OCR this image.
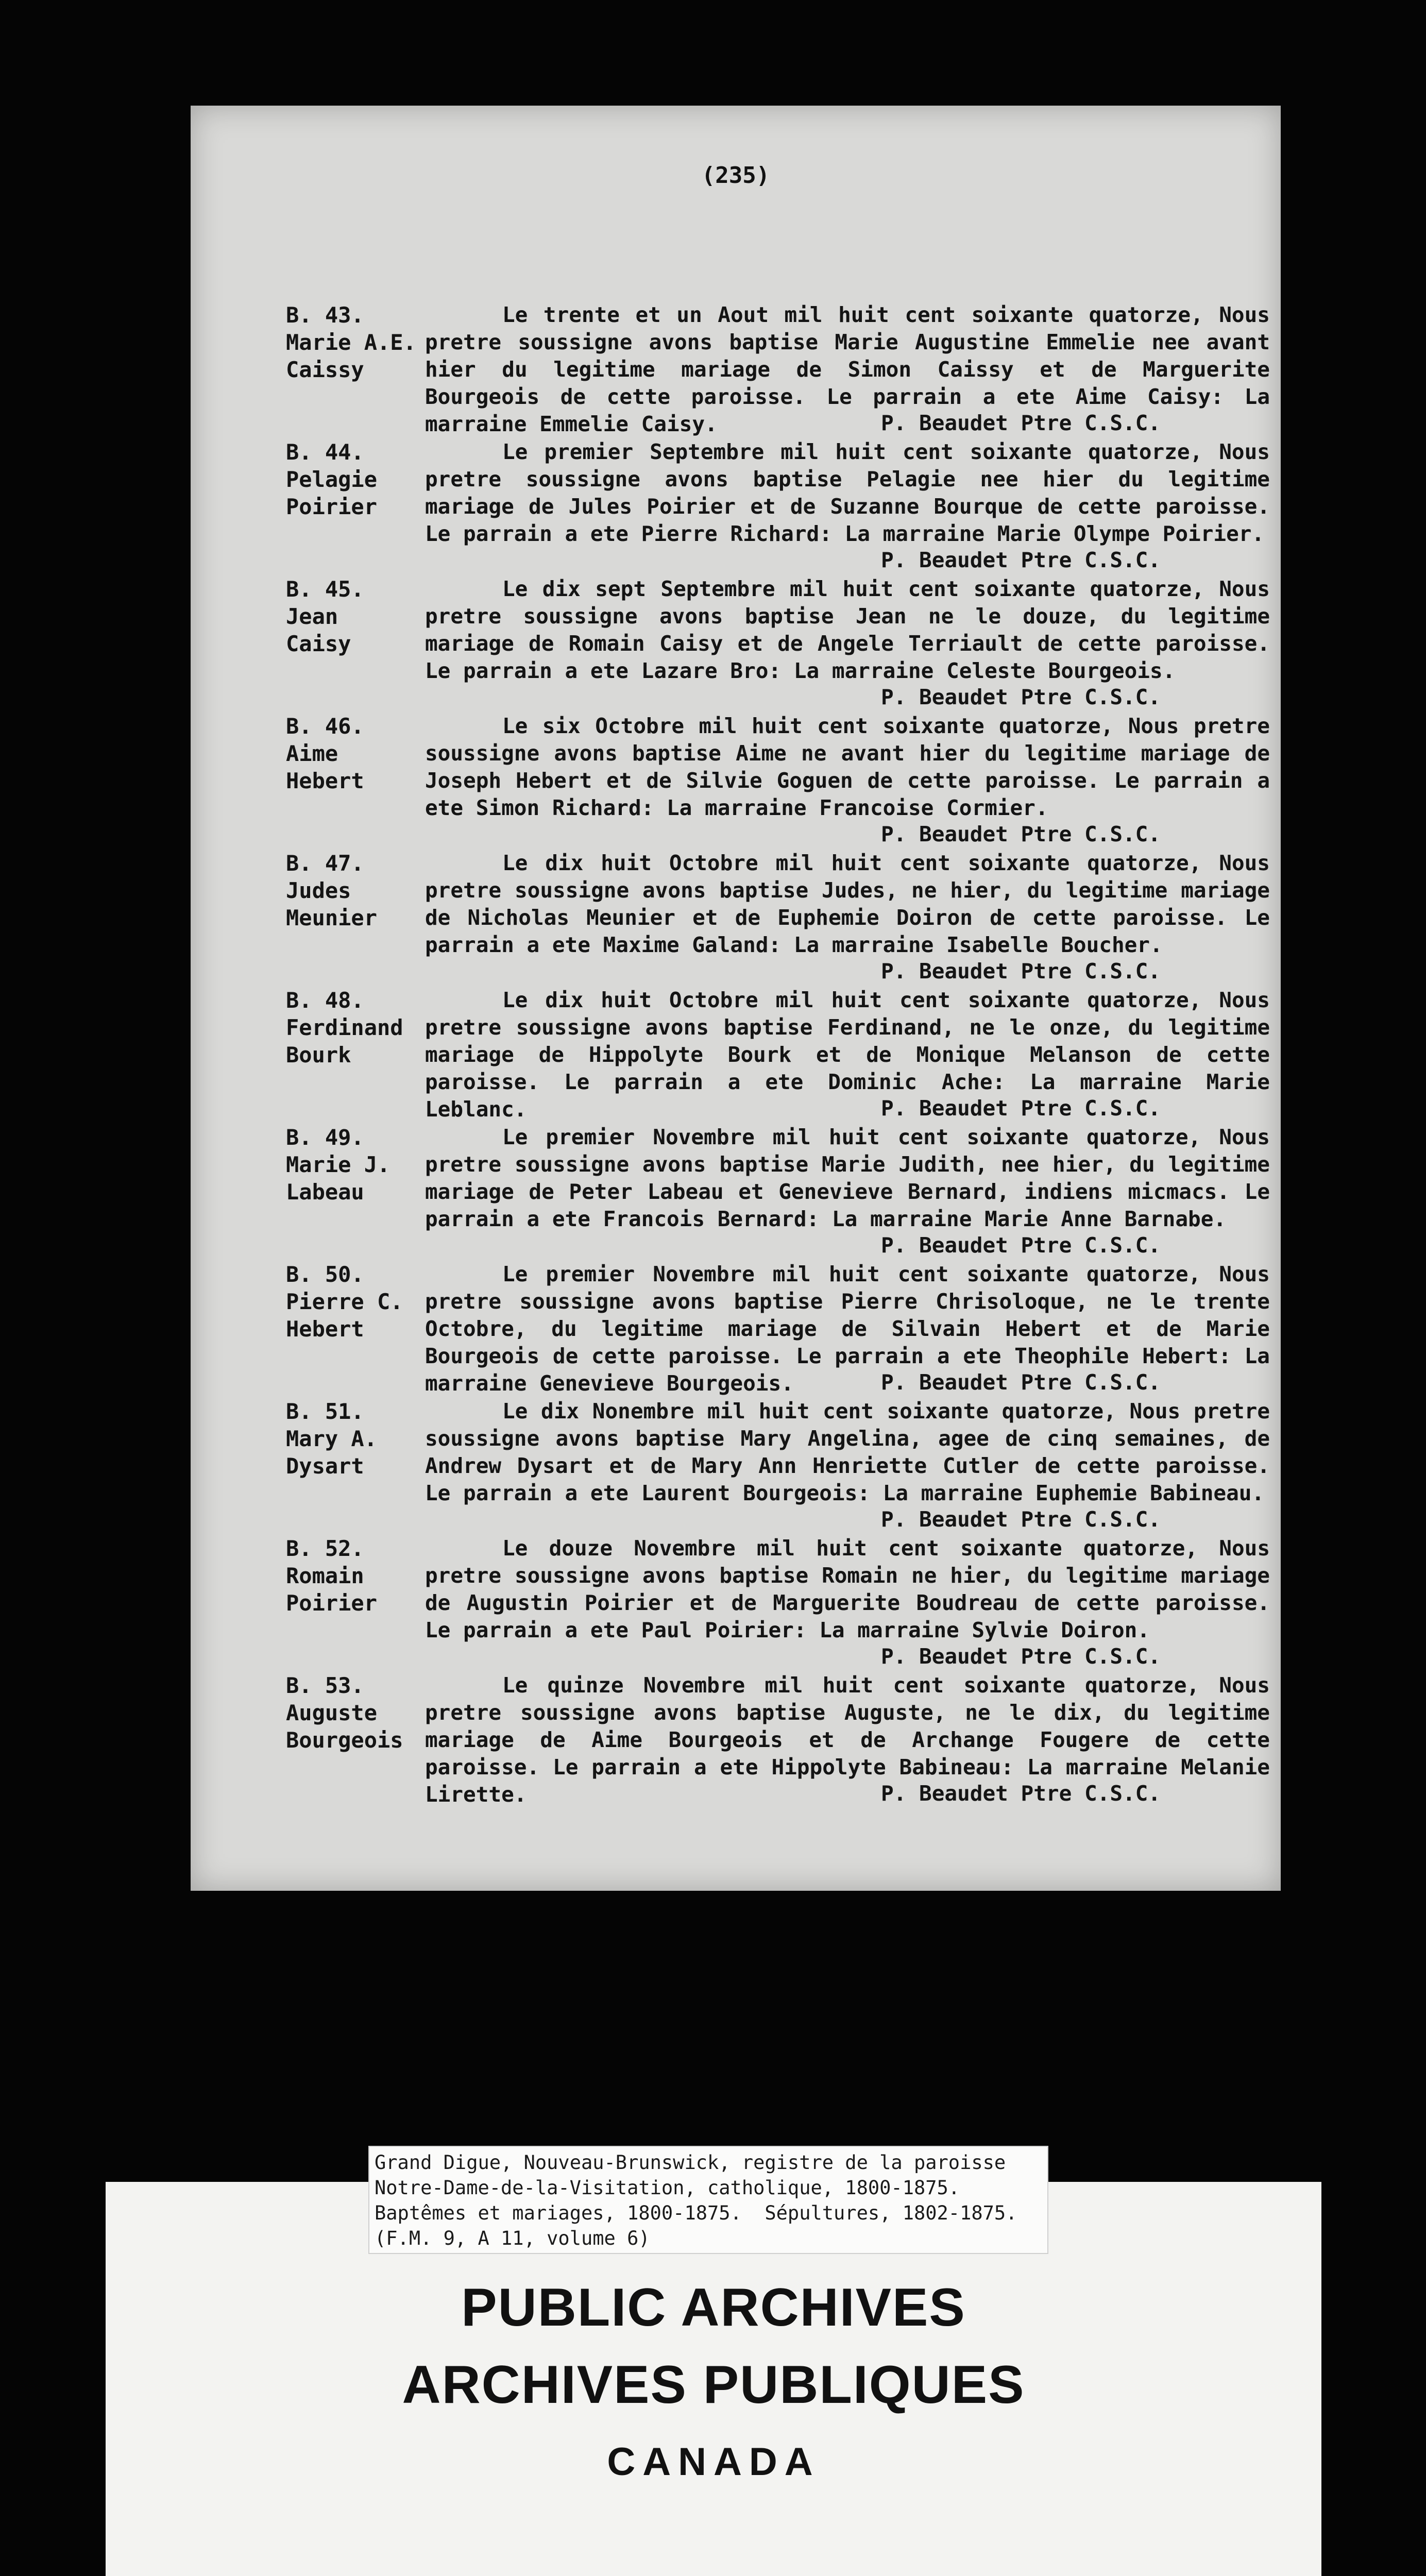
(235)
B. 43.
Marie A.E.
Caissy
Le trente et un Aout mil huit cent soixante quatorze, Nous pretre soussigne avons baptise Marie Augustine Emmelie nee avant hier du legitime mariage de Simon Caissy et de Marguerite Bourgeois de cette paroisse. Le parrain a ete Aime Caisy: La marraine Emmelie Caisy.	P. Beaudet Ptre C.S.C.
B. 44.
Pelagie
Poirier
Le premier Septembre mil huit cent soixante quatorze, Nous pretre soussigne avons baptise Pelagie nee hier du legitime mariage de Jules Poirier et de Suzanne Bourque de cette paroisse. Le parrain a ete Pierre Richard: La marraine Marie Olympe Poirier.
P. Beaudet Ptre C.S.C.
B. 45.
Jean
Caisy
Le dix sept Septembre mil huit cent soixante quatorze, Nous pretre soussigne avons baptise Jean ne le douze, du legitime mariage de Romain Caisy et de Angele Terriault de cette paroisse. Le parrain a ete Lazare Bro: La marraine Celeste Bourgeois.
P. Beaudet Ptre C.S.C.
B. 46.
Aime
Hebert
Le six Octobre mil huit cent soixante quatorze, Nous pretre soussigne avons baptise Aime ne avant hier du legitime mariage de Joseph Hebert et de Silvie Goguen de cette paroisse. Le parrain a ete Simon Richard: La marraine Francoise Cormier.
P. Beaudet Ptre C.S.C.
B. 47.
Judes
Meunier
Le dix huit Octobre mil huit cent soixante quatorze, Nous pretre soussigne avons baptise Judes, ne hier, du legitime mariage de Nicholas Meunier et de Euphemie Doiron de cette paroisse. Le parrain a ete Maxime Galand: La marraine Isabelle Boucher.
P. Beaudet Ptre C.S.C.
B. 48.
Ferdinand
Bourk
Le dix huit Octobre mil huit cent soixante quatorze, Nous pretre soussigne avons baptise Ferdinand, ne le onze, du legitime mariage de Hippolyte Bourk et de Monique Melanson de cette paroisse. Le parrain a ete Dominic Ache: La marraine Marie Leblanc.	P. Beaudet Ptre C.S.C.
B. 49.
Marie J.
Labeau
Le premier Novembre mil huit cent soixante quatorze, Nous pretre soussigne avons baptise Marie Judith, nee hier, du legitime mariage de Peter Labeau et Genevieve Bernard, indiens micmacs. Le parrain a ete Francois Bernard: La marraine Marie Anne Barnabe.
P. Beaudet Ptre C.S.C.
B. 50.
Pierre C.
Hebert
Le premier Novembre mil huit cent soixante quatorze, Nous pretre soussigne avons baptise Pierre Chrisoloque, ne le trente Octobre, du legitime mariage de Silvain Hebert et de Marie Bourgeois de cette paroisse. Le parrain a ete Theophile Hebert: La marraine Genevieve Bourgeois.	P. Beaudet Ptre C.S.C.
B. 51.
Mary A.
Dysart
Le dix Nonembre mil huit cent soixante quatorze, Nous pretre soussigne avons baptise Mary Angelina, agee de cinq semaines, de Andrew Dysart et de Mary Ann Henriette Cutler de cette paroisse. Le parrain a ete Laurent Bourgeois: La marraine Euphemie Babineau.
P. Beaudet Ptre C.S.C.
B. 52.
Romain
Poirier
Le douze Novembre mil huit cent soixante quatorze, Nous pretre soussigne avons baptise Romain ne hier, du legitime mariage de Augustin Poirier et de Marguerite Boudreau de cette paroisse. Le parrain a ete Paul Poirier: La marraine Sylvie Doiron.
P. Beaudet Ptre C.S.C.
B. 53.
Auguste
Bourgeois
Le quinze Novembre mil huit cent soixante quatorze, Nous pretre soussigne avons baptise Auguste, ne le dix, du legitime mariage de Aime Bourgeois et de Archange Fougere de cette paroisse. Le parrain a ete Hippolyte Babineau: La marraine Melanie Lirette.	P. Beaudet Ptre C.S.C.
Grand Digue, Nouveau-Brunswick, registre de la paroisse
Notre-Dame-de-la-Visitation, catholique, 1800-1875.
Baptêmes et mariages, 1800-1875.  Sépultures, 1802-1875.
(F.M. 9, A 11, volume 6)
PUBLIC ARCHIVES
ARCHIVES PUBLIQUES
CANADA
